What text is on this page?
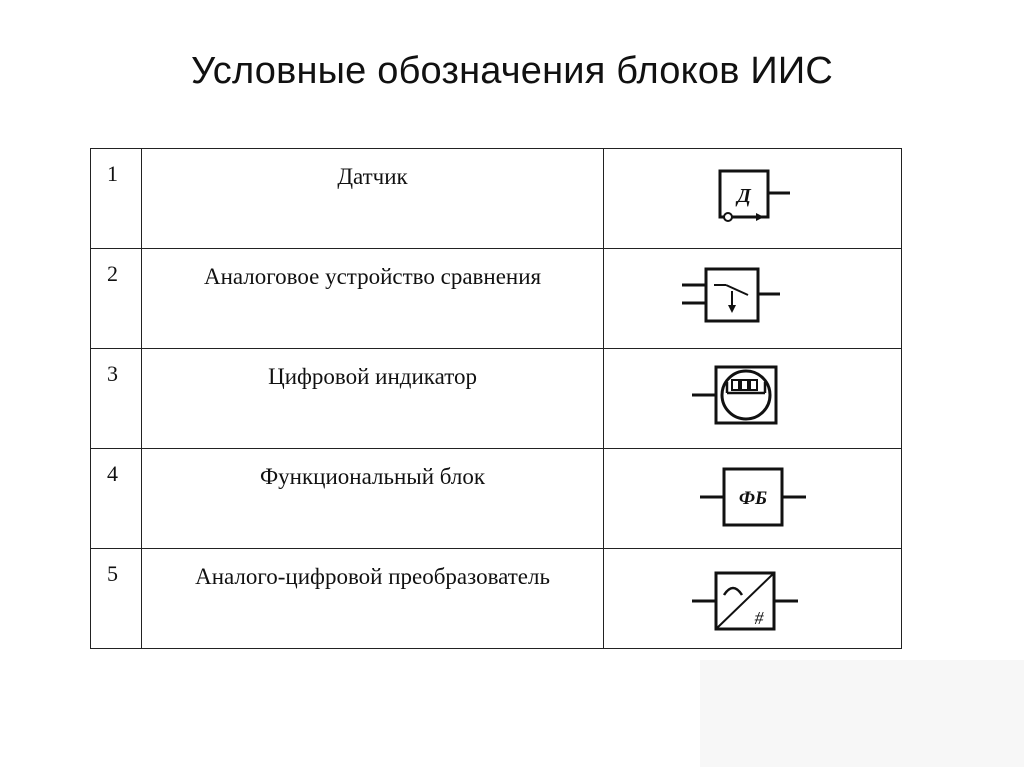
Условные обозначения блоков ИИС
1	Датчик	Д

2	Аналоговое устройство сравнения

3	Цифровой индикатор

4	Функциональный блок	ФБ

5	Аналого-цифровой преобразователь	#
